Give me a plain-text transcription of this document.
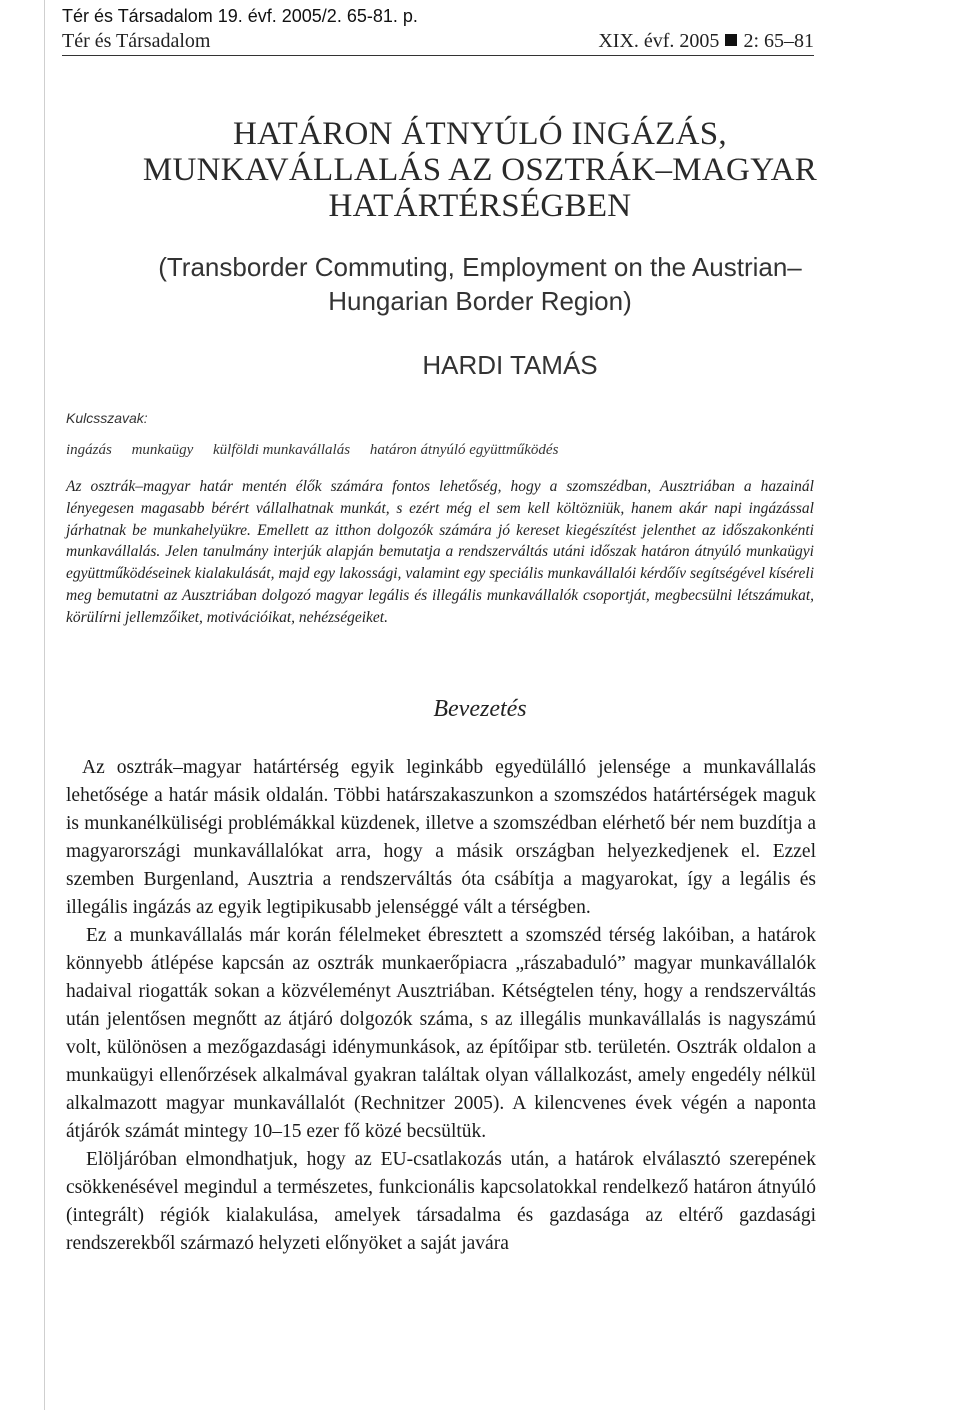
Tér és Társadalom 19. évf. 2005/2. 65-81. p.
Tér és Társadalom	XIX. évf. 2005 2: 65–81
HATÁRON ÁTNYÚLÓ INGÁZÁS,
MUNKAVÁLLALÁS AZ OSZTRÁK–MAGYAR
HATÁRTÉRSÉGBEN
(Transborder Commuting, Employment on the Austrian–
Hungarian Border Region)
HARDI TAMÁS
Kulcsszavak:
ingázás munkaügy külföldi munkavállalás határon átnyúló együttműködés
Az osztrák–magyar határ mentén élők számára fontos lehetőség, hogy a szomszédban, Ausztriában a hazainál lényegesen magasabb bérért vállalhatnak munkát, s ezért még el sem kell költözniük, hanem akár napi ingázással járhatnak be munkahelyükre. Emellett az itthon dolgozók számára jó kereset kiegészítést jelenthet az időszakonkénti munkavállalás. Jelen tanulmány interjúk alapján bemutatja a rendszerváltás utáni időszak határon átnyúló munkaügyi együttműködéseinek kialakulását, majd egy lakossági, valamint egy speciális munkavállalói kérdőív segítségével kíséreli meg bemutatni az Ausztriában dolgozó magyar legális és illegális munkavállalók csoportját, megbecsülni létszámukat, körülírni jellemzőiket, motivációikat, nehézségeiket.
Bevezetés

Az osztrák–magyar határtérség egyik leginkább egyedülálló jelensége a munkavállalás lehetősége a határ másik oldalán. Többi határszakaszunkon a szomszédos határtérségek maguk is munkanélküliségi problémákkal küzdenek, illetve a szomszédban elérhető bér nem buzdítja a magyarországi munkavállalókat arra, hogy a másik országban helyezkedjenek el. Ezzel szemben Burgenland, Ausztria a rendszerváltás óta csábítja a magyarokat, így a legális és illegális ingázás az egyik legtipikusabb jelenséggé vált a térségben.

Ez a munkavállalás már korán félelmeket ébresztett a szomszéd térség lakóiban, a határok könnyebb átlépése kapcsán az osztrák munkaerőpiacra „rászabaduló” magyar munkavállalók hadaival riogatták sokan a közvéleményt Ausztriában. Kétségtelen tény, hogy a rendszerváltás után jelentősen megnőtt az átjáró dolgozók száma, s az illegális munkavállalás is nagyszámú volt, különösen a mezőgazdasági idénymunkások, az építőipar stb. területén. Osztrák oldalon a munkaügyi ellenőrzések alkalmával gyakran találtak olyan vállalkozást, amely engedély nélkül alkalmazott magyar munkavállalót (Rechnitzer 2005). A kilencvenes évek végén a naponta átjárók számát mintegy 10–15 ezer fő közé becsültük.

Elöljáróban elmondhatjuk, hogy az EU-csatlakozás után, a határok elválasztó szerepének csökkenésével megindul a természetes, funkcionális kapcsolatokkal rendelkező határon átnyúló (integrált) régiók kialakulása, amelyek társadalma és gazdasága az eltérő gazdasági rendszerekből származó helyzeti előnyöket a saját javára
